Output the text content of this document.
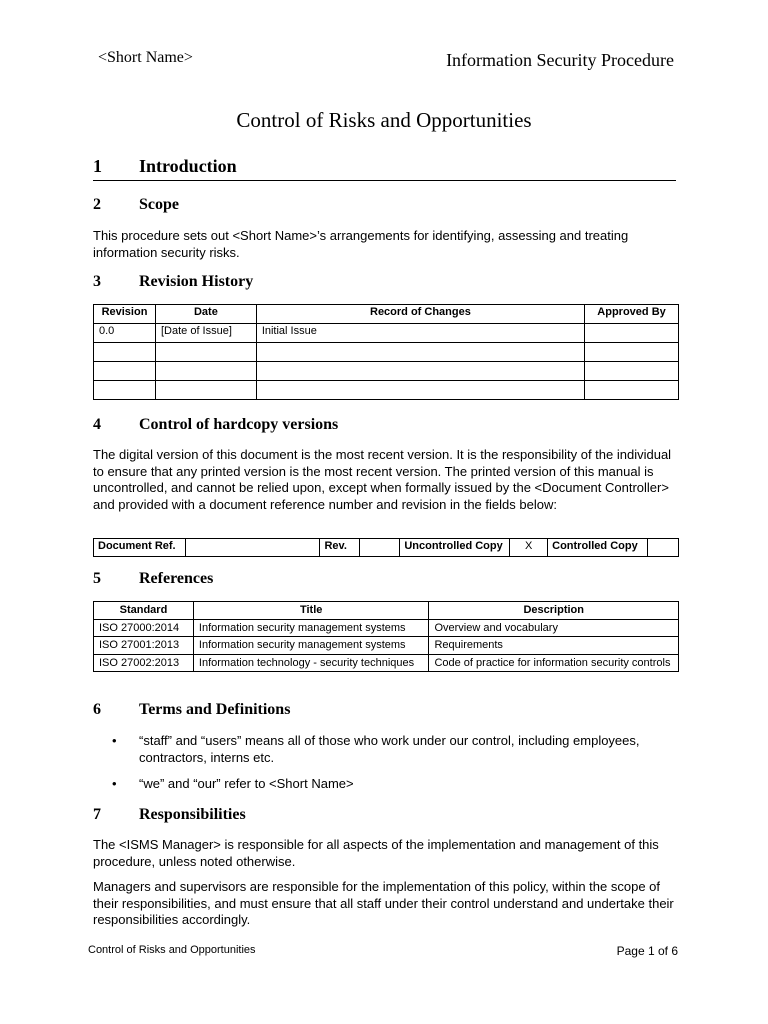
<Short Name>	Information Security Procedure
Control of Risks and Opportunities
1 Introduction
2 Scope
This procedure sets out <Short Name>’s arrangements for identifying, assessing and treating information security risks.
3 Revision History
Revision	Date	Record of Changes	Approved By
0.0	[Date of Issue]	Initial Issue	

4 Control of hardcopy versions
The digital version of this document is the most recent version. It is the responsibility of the individual to ensure that any printed version is the most recent version. The printed version of this manual is uncontrolled, and cannot be relied upon, except when formally issued by the <Document Controller> and provided with a document reference number and revision in the fields below:
Document Ref.		Rev.		Uncontrolled Copy	X	Controlled Copy	
5 References
Standard	Title	Description
ISO 27000:2014	Information security management systems	Overview and vocabulary
ISO 27001:2013	Information security management systems	Requirements
ISO 27002:2013	Information technology - security techniques	Code of practice for information security controls
6 Terms and Definitions
• “staff” and “users” means all of those who work under our control, including employees, contractors, interns etc.
• “we” and “our” refer to <Short Name>
7 Responsibilities
The <ISMS Manager> is responsible for all aspects of the implementation and management of this procedure, unless noted otherwise.
Managers and supervisors are responsible for the implementation of this policy, within the scope of their responsibilities, and must ensure that all staff under their control understand and undertake their responsibilities accordingly.
Control of Risks and Opportunities	Page 1 of 6
